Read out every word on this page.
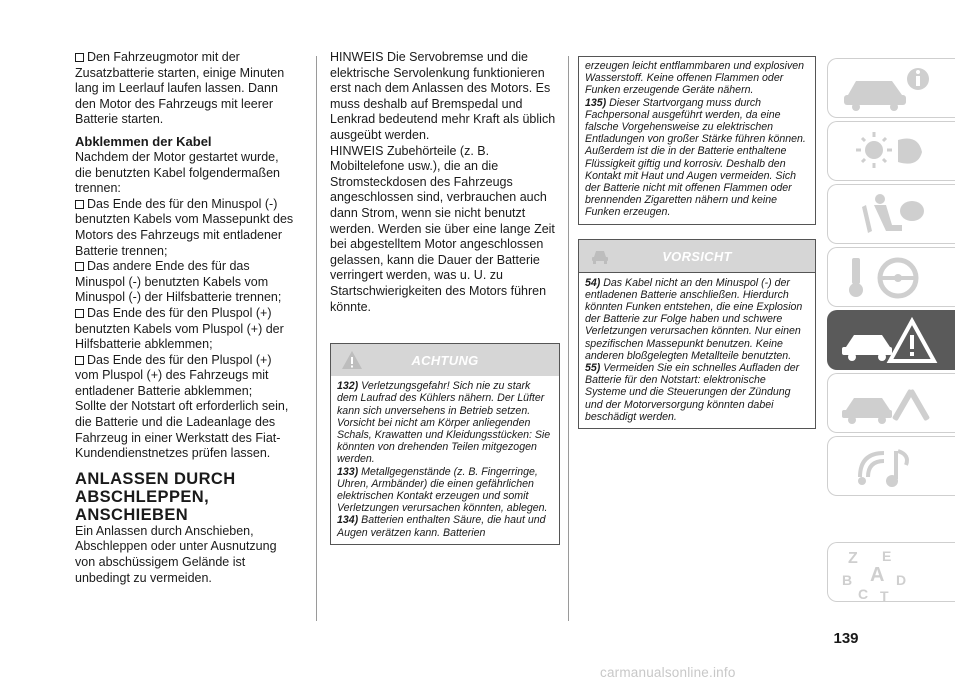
Den Fahrzeugmotor mit der Zusatzbatterie starten, einige Minuten lang im Leerlauf laufen lassen. Dann den Motor des Fahrzeugs mit leerer Batterie starten.

Abklemmen der Kabel

Nachdem der Motor gestartet wurde, die benutzten Kabel folgendermaßen trennen:

Das Ende des für den Minuspol (-) benutzten Kabels vom Massepunkt des Motors des Fahrzeugs mit entladener Batterie trennen;

Das andere Ende des für das Minuspol (-) benutzten Kabels vom Minuspol (-) der Hilfsbatterie trennen;

Das Ende des für den Pluspol (+) benutzten Kabels vom Pluspol (+) der Hilfsbatterie abklemmen;

Das Ende des für den Pluspol (+) vom Pluspol (+) des Fahrzeugs mit entladener Batterie abklemmen;

Sollte der Notstart oft erforderlich sein, die Batterie und die Ladeanlage des Fahrzeug in einer Werkstatt des Fiat-Kundendienstnetzes prüfen lassen.

ANLASSEN DURCH ABSCHLEPPEN, ANSCHIEBEN

Ein Anlassen durch Anschieben, Abschleppen oder unter Ausnutzung von abschüssigem Gelände ist unbedingt zu vermeiden.

HINWEIS Die Servobremse und die elektrische Servolenkung funktionieren erst nach dem Anlassen des Motors. Es muss deshalb auf Bremspedal und Lenkrad bedeutend mehr Kraft als üblich ausgeübt werden.

HINWEIS Zubehörteile (z. B. Mobiltelefone usw.), die an die Stromsteckdosen des Fahrzeugs angeschlossen sind, verbrauchen auch dann Strom, wenn sie nicht benutzt werden. Werden sie über eine lange Zeit bei abgestelltem Motor angeschlossen gelassen, kann die Dauer der Batterie verringert werden, was u. U. zu Startschwierigkeiten des Motors führen könnte.

ACHTUNG

132) Verletzungsgefahr! Sich nie zu stark dem Laufrad des Kühlers nähern. Der Lüfter kann sich unversehens in Betrieb setzen. Vorsicht bei nicht am Körper anliegenden Schals, Krawatten und Kleidungsstücken: Sie könnten von drehenden Teilen mitgezogen werden.

133) Metallgegenstände (z. B. Fingerringe, Uhren, Armbänder) die einen gefährlichen elektrischen Kontakt erzeugen und somit Verletzungen verursachen könnten, ablegen.

134) Batterien enthalten Säure, die haut und Augen verätzen kann. Batterien

erzeugen leicht entflammbaren und explosiven Wasserstoff. Keine offenen Flammen oder Funken erzeugende Geräte nähern.

135) Dieser Startvorgang muss durch Fachpersonal ausgeführt werden, da eine falsche Vorgehensweise zu elektrischen Entladungen von großer Stärke führen können. Außerdem ist die in der Batterie enthaltene Flüssigkeit giftig und korrosiv. Deshalb den Kontakt mit Haut und Augen vermeiden. Sich der Batterie nicht mit offenen Flammen oder brennenden Zigaretten nähern und keine Funken erzeugen.

VORSICHT

54) Das Kabel nicht an den Minuspol (-) der entladenen Batterie anschließen. Hierdurch könnten Funken entstehen, die eine Explosion der Batterie zur Folge haben und schwere Verletzungen verursachen könnten. Nur einen spezifischen Massepunkt benutzen. Keine anderen bloßgelegten Metallteile benutzten.

55) Vermeiden Sie ein schnelles Aufladen der Batterie für den Notstart: elektronische Systeme und die Steuerungen der Zündung und der Motorversorgung könnten dabei beschädigt werden.

Z E
A
B	D
C T
139
carmanualsonline.info
